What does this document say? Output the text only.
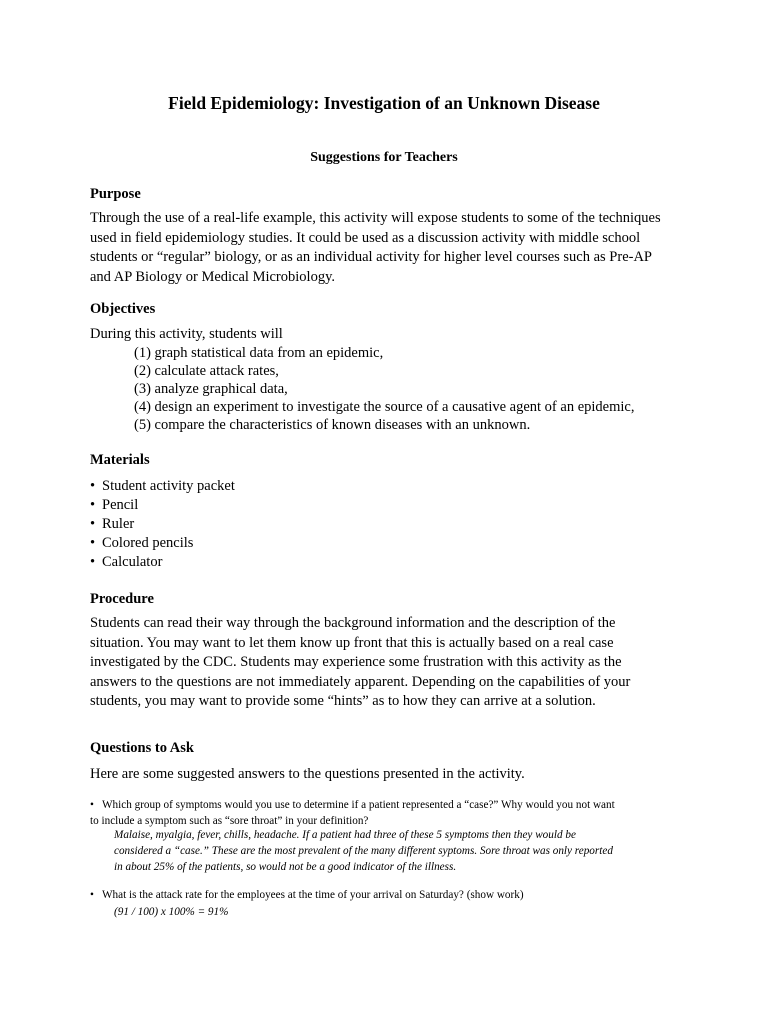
Field Epidemiology: Investigation of an Unknown Disease
Suggestions for Teachers
Purpose
Through the use of a real-life example, this activity will expose students to some of the techniques
used in field epidemiology studies. It could be used as a discussion activity with middle school
students or “regular” biology, or as an individual activity for higher level courses such as Pre-AP
and AP Biology or Medical Microbiology.
Objectives
During this activity, students will
(1) graph statistical data from an epidemic,
(2) calculate attack rates,
(3) analyze graphical data,
(4) design an experiment to investigate the source of a causative agent of an epidemic,
(5) compare the characteristics of known diseases with an unknown.
Materials
• Student activity packet
• Pencil
• Ruler
• Colored pencils
• Calculator
Procedure
Students can read their way through the background information and the description of the
situation. You may want to let them know up front that this is actually based on a real case
investigated by the CDC. Students may experience some frustration with this activity as the
answers to the questions are not immediately apparent. Depending on the capabilities of your
students, you may want to provide some “hints” as to how they can arrive at a solution.
Questions to Ask
Here are some suggested answers to the questions presented in the activity.
• Which group of symptoms would you use to determine if a patient represented a “case?” Why would you not want
to include a symptom such as “sore throat” in your definition?
Malaise, myalgia, fever, chills, headache. If a patient had three of these 5 symptoms then they would be
considered a “case.” These are the most prevalent of the many different syptoms. Sore throat was only reported
in about 25% of the patients, so would not be a good indicator of the illness.
• What is the attack rate for the employees at the time of your arrival on Saturday? (show work)
(91 / 100) x 100% = 91%
